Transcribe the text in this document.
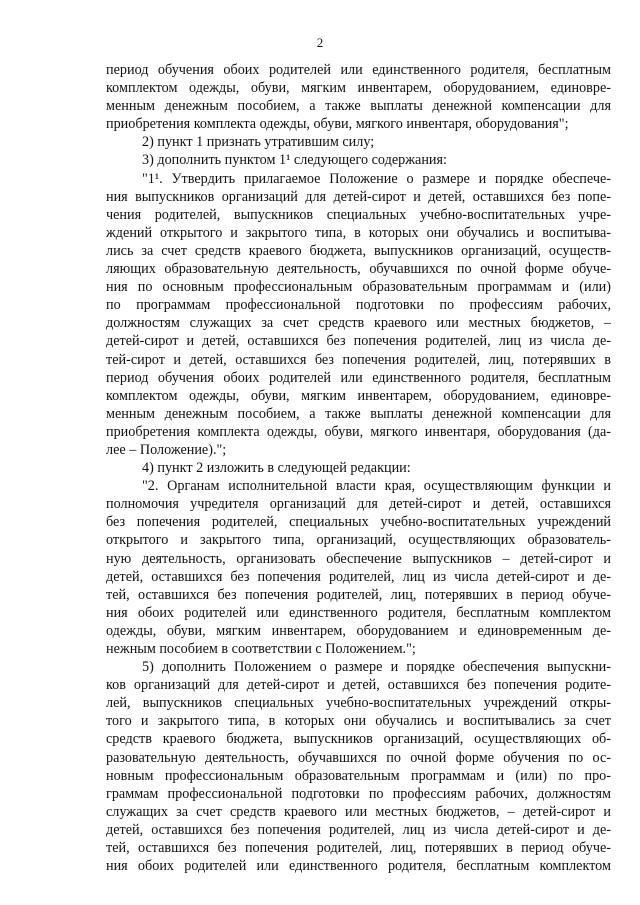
2
период обучения обоих родителей или единственного родителя, бесплатным
комплектом одежды, обуви, мягким инвентарем, оборудованием, единовре-
менным денежным пособием, а также выплаты денежной компенсации для
приобретения комплекта одежды, обуви, мягкого инвентаря, оборудования";
2) пункт 1 признать утратившим силу;
3) дополнить пунктом 1¹ следующего содержания:
"1¹. Утвердить прилагаемое Положение о размере и порядке обеспече-
ния выпускников организаций для детей-сирот и детей, оставшихся без попе-
чения родителей, выпускников специальных учебно-воспитательных учре-
ждений открытого и закрытого типа, в которых они обучались и воспитыва-
лись за счет средств краевого бюджета, выпускников организаций, осуществ-
ляющих образовательную деятельность, обучавшихся по очной форме обуче-
ния по основным профессиональным образовательным программам и (или)
по программам профессиональной подготовки по профессиям рабочих,
должностям служащих за счет средств краевого или местных бюджетов, –
детей-сирот и детей, оставшихся без попечения родителей, лиц из числа де-
тей-сирот и детей, оставшихся без попечения родителей, лиц, потерявших в
период обучения обоих родителей или единственного родителя, бесплатным
комплектом одежды, обуви, мягким инвентарем, оборудованием, единовре-
менным денежным пособием, а также выплаты денежной компенсации для
приобретения комплекта одежды, обуви, мягкого инвентаря, оборудования (да-
лее – Положение).";
4) пункт 2 изложить в следующей редакции:
"2. Органам исполнительной власти края, осуществляющим функции и
полномочия учредителя организаций для детей-сирот и детей, оставшихся
без попечения родителей, специальных учебно-воспитательных учреждений
открытого и закрытого типа, организаций, осуществляющих образователь-
ную деятельность, организовать обеспечение выпускников – детей-сирот и
детей, оставшихся без попечения родителей, лиц из числа детей-сирот и де-
тей, оставшихся без попечения родителей, лиц, потерявших в период обуче-
ния обоих родителей или единственного родителя, бесплатным комплектом
одежды, обуви, мягким инвентарем, оборудованием и единовременным де-
нежным пособием в соответствии с Положением.";
5) дополнить Положением о размере и порядке обеспечения выпускни-
ков организаций для детей-сирот и детей, оставшихся без попечения родите-
лей, выпускников специальных учебно-воспитательных учреждений откры-
того и закрытого типа, в которых они обучались и воспитывались за счет
средств краевого бюджета, выпускников организаций, осуществляющих об-
разовательную деятельность, обучавшихся по очной форме обучения по ос-
новным профессиональным образовательным программам и (или) по про-
граммам профессиональной подготовки по профессиям рабочих, должностям
служащих за счет средств краевого или местных бюджетов, – детей-сирот и
детей, оставшихся без попечения родителей, лиц из числа детей-сирот и де-
тей, оставшихся без попечения родителей, лиц, потерявших в период обуче-
ния обоих родителей или единственного родителя, бесплатным комплектом
